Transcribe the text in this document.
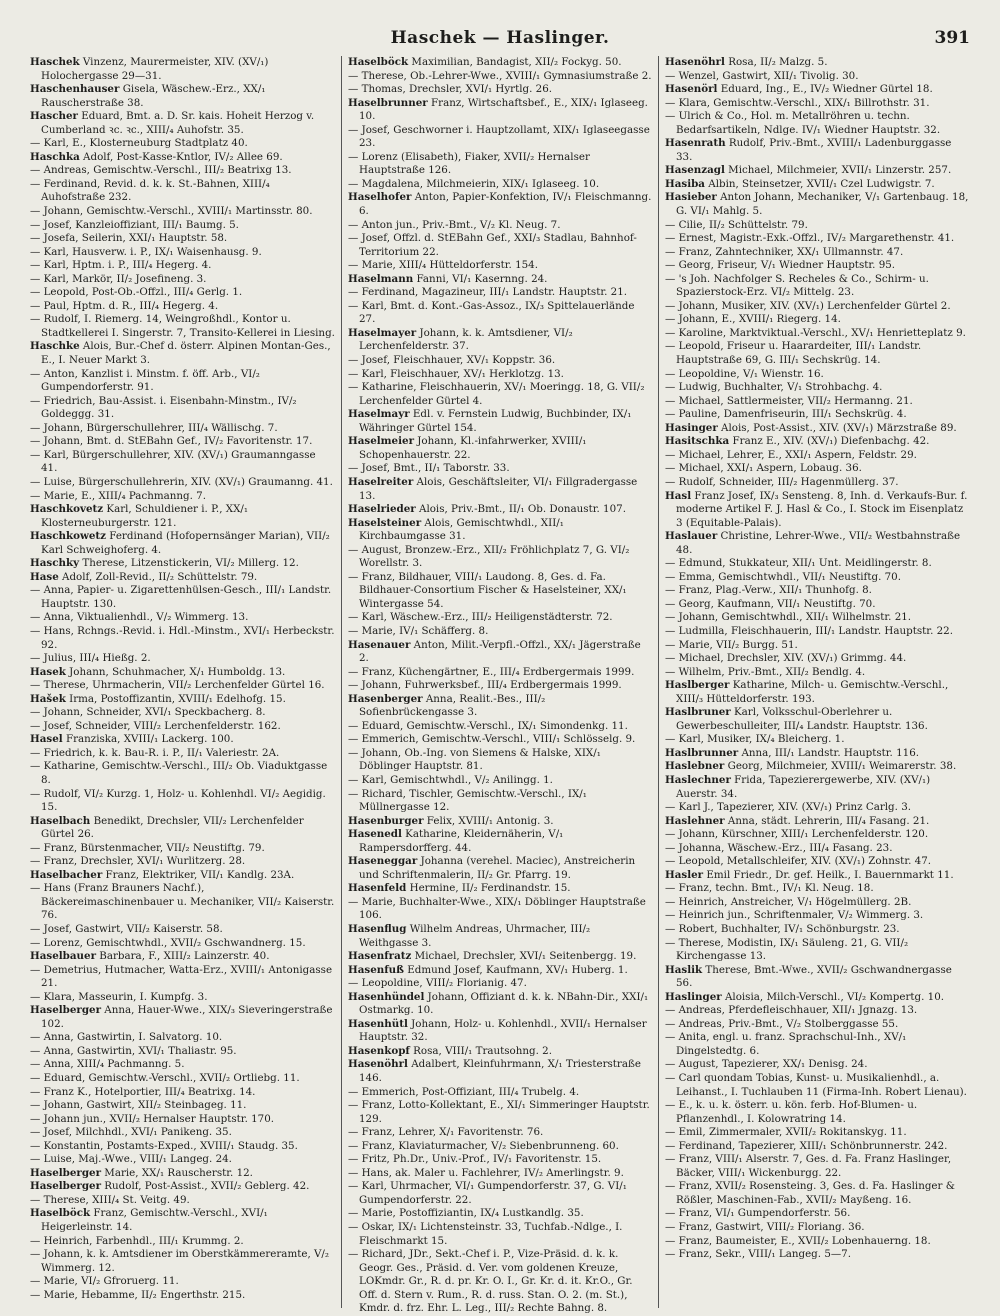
Haschek — Haslinger.	391
Haschek Vinzenz, Maurermeister, XIV. (XV/₁) Holochergasse 29—31.
Haschenhauser Gisela, Wäschew.-Erz., XX/₁ Rauscherstraße 38.
Hascher Eduard, Bmt. a. D. Sr. kais. Hoheit Herzog v. Cumberland ꝛc. ꝛc., XIII/₄ Auhofstr. 35.
— Karl, E., Klosterneuburg Stadtplatz 40.
Haschka Adolf, Post-Kasse-Kntlor, IV/₂ Allee 69.
— Andreas, Gemischtw.-Verschl., III/₂ Beatrixg 13.
— Ferdinand, Revid. d. k. k. St.-Bahnen, XIII/₄ Auhofstraße 232.
— Johann, Gemischtw.-Verschl., XVIII/₁ Martinsstr. 80.
— Josef, Kanzleioffiziant, III/₁ Baumg. 5.
— Josefa, Seilerin, XXI/₁ Hauptstr. 58.
— Karl, Hausverw. i. P., IX/₁ Waisenhausg. 9.
— Karl, Hptm. i. P., III/₄ Hegerg. 4.
— Karl, Markör, II/₂ Josefineng. 3.
— Leopold, Post-Ob.-Offzl., III/₄ Gerlg. 1.
— Paul, Hptm. d. R., III/₄ Hegerg. 4.
— Rudolf, I. Riemerg. 14, Weingroßhdl., Kontor u. Stadtkellerei I. Singerstr. 7, Transito-Kellerei in Liesing.
Haschke Alois, Bur.-Chef d. österr. Alpinen Montan-Ges., E., I. Neuer Markt 3.
— Anton, Kanzlist i. Minstm. f. öff. Arb., VI/₂ Gumpendorferstr. 91.
— Friedrich, Bau-Assist. i. Eisenbahn-Minstm., IV/₂ Goldeggg. 31.
— Johann, Bürgerschullehrer, III/₄ Wällischg. 7.
— Johann, Bmt. d. StEBahn Gef., IV/₂ Favoritenstr. 17.
— Karl, Bürgerschullehrer, XIV. (XV/₁) Graumanngasse 41.
— Luise, Bürgerschullehrerin, XIV. (XV/₁) Graumanng. 41.
— Marie, E., XIII/₄ Pachmanng. 7.
Haschkovetz Karl, Schuldiener i. P., XX/₁ Klosterneuburgerstr. 121.
Haschkowetz Ferdinand (Hofopernsänger Marian), VII/₂ Karl Schweighoferg. 4.
Haschky Therese, Litzenstickerin, VI/₂ Millerg. 12.
Hase Adolf, Zoll-Revid., II/₂ Schüttelstr. 79.
— Anna, Papier- u. Zigarettenhülsen-Gesch., III/₁ Landstr. Hauptstr. 130.
— Anna, Viktualienhdl., V/₂ Wimmerg. 13.
— Hans, Rchngs.-Revid. i. Hdl.-Minstm., XVI/₁ Herbeckstr. 92.
— Julius, III/₄ Hießg. 2.
Hasek Johann, Schuhmacher, X/₁ Humboldg. 13.
— Therese, Uhrmacherin, VII/₂ Lerchenfelder Gürtel 16.
Hašek Irma, Postoffizantin, XVIII/₁ Edelhofg. 15.
— Johann, Schneider, XVI/₁ Speckbacherg. 8.
— Josef, Schneider, VIII/₂ Lerchenfelderstr. 162.
Hasel Franziska, XVIII/₁ Lackerg. 100.
— Friedrich, k. k. Bau-R. i. P., II/₁ Valeriestr. 2A.
— Katharine, Gemischtw.-Verschl., III/₂ Ob. Viaduktgasse 8.
— Rudolf, VI/₂ Kurzg. 1, Holz- u. Kohlenhdl. VI/₂ Aegidig. 15.
Haselbach Benedikt, Drechsler, VII/₂ Lerchenfelder Gürtel 26.
— Franz, Bürstenmacher, VII/₂ Neustiftg. 79.
— Franz, Drechsler, XVI/₁ Wurlitzerg. 28.
Haselbacher Franz, Elektriker, VII/₁ Kandlg. 23A.
— Hans (Franz Brauners Nachf.), Bäckereimaschinenbauer u. Mechaniker, VII/₂ Kaiserstr. 76.
— Josef, Gastwirt, VII/₂ Kaiserstr. 58.
— Lorenz, Gemischtwhdl., XVII/₂ Gschwandnerg. 15.
Haselbauer Barbara, F., XIII/₂ Lainzerstr. 40.
— Demetrius, Hutmacher, Watta-Erz., XVIII/₁ Antonigasse 21.
— Klara, Masseurin, I. Kumpfg. 3.
Haselberger Anna, Hauer-Wwe., XIX/₃ Sieveringerstraße 102.
— Anna, Gastwirtin, I. Salvatorg. 10.
— Anna, Gastwirtin, XVI/₁ Thaliastr. 95.
— Anna, XIII/₄ Pachmanng. 5.
— Eduard, Gemischtw.-Verschl., XVII/₂ Ortliebg. 11.
— Franz K., Hotelportier, III/₄ Beatrixg. 14.
— Johann, Gastwirt, XII/₂ Steinbageg. 11.
— Johann jun., XVII/₂ Hernalser Hauptstr. 170.
— Josef, Milchhdl., XVI/₁ Panikeng. 35.
— Konstantin, Postamts-Exped., XVIII/₁ Staudg. 35.
— Luise, Maj.-Wwe., VIII/₁ Langeg. 24.
Haselberger Marie, XX/₁ Rauscherstr. 12.
Haselberger Rudolf, Post-Assist., XVII/₂ Geblerg. 42.
— Therese, XIII/₄ St. Veitg. 49.
Haselböck Franz, Gemischtw.-Verschl., XVI/₁ Heigerleinstr. 14.
— Heinrich, Farbenhdl., III/₁ Krummg. 2.
— Johann, k. k. Amtsdiener im Oberstkämmereramte, V/₂ Wimmerg. 12.
— Marie, VI/₂ Gfroruerg. 11.
— Marie, Hebamme, II/₂ Engerthstr. 215.
Haselböck Maximilian, Bandagist, XII/₂ Fockyg. 50.
— Therese, Ob.-Lehrer-Wwe., XVIII/₁ Gymnasiumstraße 2.
— Thomas, Drechsler, XVI/₁ Hyrtlg. 26.
Haselbrunner Franz, Wirtschaftsbef., E., XIX/₁ Iglaseeg. 10.
— Josef, Geschworner i. Hauptzollamt, XIX/₁ Iglaseegasse 23.
— Lorenz (Elisabeth), Fiaker, XVII/₂ Hernalser Hauptstraße 126.
— Magdalena, Milchmeierin, XIX/₁ Iglaseeg. 10.
Haselhofer Anton, Papier-Konfektion, IV/₁ Fleischmanng. 6.
— Anton jun., Priv.-Bmt., V/₂ Kl. Neug. 7.
— Josef, Offzl. d. StEBahn Gef., XXI/₃ Stadlau, Bahnhof-Territorium 22.
— Marie, XIII/₄ Hütteldorferstr. 154.
Haselmann Fanni, VI/₁ Kasernng. 24.
— Ferdinand, Magazineur, III/₁ Landstr. Hauptstr. 21.
— Karl, Bmt. d. Kont.-Gas-Assoz., IX/₃ Spittelauerlände 27.
Haselmayer Johann, k. k. Amtsdiener, VI/₂ Lerchenfelderstr. 37.
— Josef, Fleischhauer, XV/₁ Koppstr. 36.
— Karl, Fleischhauer, XV/₁ Herklotzg. 13.
— Katharine, Fleischhauerin, XV/₁ Moeringg. 18, G. VII/₂ Lerchenfelder Gürtel 4.
Haselmayr Edl. v. Fernstein Ludwig, Buchbinder, IX/₁ Währinger Gürtel 154.
Haselmeier Johann, Kl.-infahrwerker, XVIII/₁ Schopenhauerstr. 22.
— Josef, Bmt., II/₁ Taborstr. 33.
Haselreiter Alois, Geschäftsleiter, VI/₁ Fillgradergasse 13.
Haselrieder Alois, Priv.-Bmt., II/₁ Ob. Donaustr. 107.
Haselsteiner Alois, Gemischtwhdl., XII/₁ Kirchbaumgasse 31.
— August, Bronzew.-Erz., XII/₂ Fröhlichplatz 7, G. VI/₂ Worellstr. 3.
— Franz, Bildhauer, VIII/₁ Laudong. 8, Ges. d. Fa. Bildhauer-Consortium Fischer & Haselsteiner, XX/₁ Wintergasse 54.
— Karl, Wäschew.-Erz., III/₂ Heiligenstädterstr. 72.
— Marie, IV/₁ Schäfferg. 8.
Hasenauer Anton, Milit.-Verpfl.-Offzl., XX/₁ Jägerstraße 2.
— Franz, Küchengärtner, E., III/₄ Erdbergermais 1999.
— Johann, Fuhrwerksbef., III/₄ Erdbergermais 1999.
Hasenberger Anna, Realit.-Bes., III/₂ Sofienbrückengasse 3.
— Eduard, Gemischtw.-Verschl., IX/₁ Simondenkg. 11.
— Emmerich, Gemischtw.-Verschl., VIII/₁ Schlösselg. 9.
— Johann, Ob.-Ing. von Siemens & Halske, XIX/₁ Döblinger Hauptstr. 81.
— Karl, Gemischtwhdl., V/₂ Anilingg. 1.
— Richard, Tischler, Gemischtw.-Verschl., IX/₁ Müllnergasse 12.
Hasenburger Felix, XVIII/₁ Antonig. 3.
Hasenedl Katharine, Kleidernäherin, V/₁ Rampersdorfferg. 44.
Haseneggar Johanna (verehel. Maciec), Anstreicherin und Schriftenmalerin, II/₂ Gr. Pfarrg. 19.
Hasenfeld Hermine, II/₂ Ferdinandstr. 15.
— Marie, Buchhalter-Wwe., XIX/₁ Döblinger Hauptstraße 106.
Hasenflug Wilhelm Andreas, Uhrmacher, III/₂ Weithgasse 3.
Hasenfratz Michael, Drechsler, XVI/₁ Seitenbergg. 19.
Hasenfuß Edmund Josef, Kaufmann, XV/₁ Huberg. 1.
— Leopoldine, VIII/₂ Florianig. 47.
Hasenhündel Johann, Offiziant d. k. k. NBahn-Dir., XXI/₁ Ostmarkg. 10.
Hasenhütl Johann, Holz- u. Kohlenhdl., XVII/₁ Hernalser Hauptstr. 32.
Hasenkopf Rosa, VIII/₁ Trautsohng. 2.
Hasenöhrl Adalbert, Kleinfuhrmann, X/₁ Triesterstraße 146.
— Emmerich, Post-Offiziant, III/₄ Trubelg. 4.
— Franz, Lotto-Kollektant, E., XI/₁ Simmeringer Hauptstr. 129.
— Franz, Lehrer, X/₁ Favoritenstr. 76.
— Franz, Klaviaturmacher, V/₂ Siebenbrunneng. 60.
— Fritz, Ph.Dr., Univ.-Prof., IV/₁ Favoritenstr. 15.
— Hans, ak. Maler u. Fachlehrer, IV/₂ Amerlingstr. 9.
— Karl, Uhrmacher, VI/₁ Gumpendorferstr. 37, G. VI/₁ Gumpendorferstr. 22.
— Marie, Postoffiziantin, IX/₄ Lustkandlg. 35.
— Oskar, IX/₁ Lichtensteinstr. 33, Tuchfab.-Ndlge., I. Fleischmarkt 15.
— Richard, JDr., Sekt.-Chef i. P., Vize-Präsid. d. k. k. Geogr. Ges., Präsid. d. Ver. vom goldenen Kreuze, LOKmdr. Gr., R. d. pr. Kr. O. I., Gr. Kr. d. it. Kr.O., Gr. Off. d. Stern v. Rum., R. d. russ. Stan. O. 2. (m. St.), Kmdr. d. frz. Ehr. L. Leg., III/₂ Rechte Bahng. 8.
Hasenöhrl Rosa, II/₂ Malzg. 5.
— Wenzel, Gastwirt, XII/₁ Tivolig. 30.
Hasenörl Eduard, Ing., E., IV/₂ Wiedner Gürtel 18.
— Klara, Gemischtw.-Verschl., XIX/₁ Billrothstr. 31.
— Ulrich & Co., Hol. m. Metallröhren u. techn. Bedarfsartikeln, Ndlge. IV/₁ Wiedner Hauptstr. 32.
Hasenrath Rudolf, Priv.-Bmt., XVIII/₁ Ladenburggasse 33.
Hasenzagl Michael, Milchmeier, XVII/₁ Linzerstr. 257.
Hasiba Albin, Steinsetzer, XVII/₁ Czel Ludwigstr. 7.
Hasieber Anton Johann, Mechaniker, V/₁ Gartenbaug. 18, G. VI/₁ Mahlg. 5.
— Cilie, II/₂ Schüttelstr. 79.
— Ernest, Magistr.-Exk.-Offzl., IV/₂ Margarethenstr. 41.
— Franz, Zahntechniker, XX/₁ Ullmannstr. 47.
— Georg, Friseur, V/₁ Wiedner Hauptstr. 95.
— 's Joh. Nachfolger S. Recheles & Co., Schirm- u. Spazierstock-Erz. VI/₂ Mittelg. 23.
— Johann, Musiker, XIV. (XV/₁) Lerchenfelder Gürtel 2.
— Johann, E., XVIII/₁ Riegerg. 14.
— Karoline, Marktviktual.-Verschl., XV/₁ Henrietteplatz 9.
— Leopold, Friseur u. Haarardeiter, III/₁ Landstr. Hauptstraße 69, G. III/₁ Sechskrüg. 14.
— Leopoldine, V/₁ Wienstr. 16.
— Ludwig, Buchhalter, V/₁ Strohbachg. 4.
— Michael, Sattlermeister, VII/₂ Hermanng. 21.
— Pauline, Damenfriseurin, III/₁ Sechskrüg. 4.
Hasinger Alois, Post-Assist., XIV. (XV/₁) Märzstraße 89.
Hasitschka Franz E., XIV. (XV/₁) Diefenbachg. 42.
— Michael, Lehrer, E., XXI/₁ Aspern, Feldstr. 29.
— Michael, XXI/₁ Aspern, Lobaug. 36.
— Rudolf, Schneider, III/₂ Hagenmüllerg. 37.
Hasl Franz Josef, IX/₃ Sensteng. 8, Inh. d. Verkaufs-Bur. f. moderne Artikel F. J. Hasl & Co., I. Stock im Eisenplatz 3 (Equitable-Palais).
Haslauer Christine, Lehrer-Wwe., VII/₂ Westbahnstraße 48.
— Edmund, Stukkateur, XII/₁ Unt. Meidlingerstr. 8.
— Emma, Gemischtwhdl., VII/₁ Neustiftg. 70.
— Franz, Plag.-Verw., XII/₁ Thunhofg. 8.
— Georg, Kaufmann, VII/₁ Neustiftg. 70.
— Johann, Gemischtwhdl., XII/₁ Wilhelmstr. 21.
— Ludmilla, Fleischhauerin, III/₁ Landstr. Hauptstr. 22.
— Marie, VII/₂ Burgg. 51.
— Michael, Drechsler, XIV. (XV/₁) Grimmg. 44.
— Wilhelm, Priv.-Bmt., XII/₂ Bendlg. 4.
Haslberger Katharine, Milch- u. Gemischtw.-Verschl., XIII/₃ Hütteldorferstr. 193.
Haslbruner Karl, Volksschul-Oberlehrer u. Gewerbeschulleiter, III/₄ Landstr. Hauptstr. 136.
— Karl, Musiker, IX/₄ Bleicherg. 1.
Haslbrunner Anna, III/₁ Landstr. Hauptstr. 116.
Haslebner Georg, Milchmeier, XVIII/₁ Weimarerstr. 38.
Haslechner Frida, Tapezierergewerbe, XIV. (XV/₁) Auerstr. 34.
— Karl J., Tapezierer, XIV. (XV/₁) Prinz Carlg. 3.
Haslehner Anna, städt. Lehrerin, III/₄ Fasang. 21.
— Johann, Kürschner, XIII/₁ Lerchenfelderstr. 120.
— Johanna, Wäschew.-Erz., III/₄ Fasang. 23.
— Leopold, Metallschleifer, XIV. (XV/₁) Zohnstr. 47.
Hasler Emil Friedr., Dr. gef. Heilk., I. Bauernmarkt 11.
— Franz, techn. Bmt., IV/₁ Kl. Neug. 18.
— Heinrich, Anstreicher, V/₁ Högelmüllerg. 2B.
— Heinrich jun., Schriftenmaler, V/₂ Wimmerg. 3.
— Robert, Buchhalter, IV/₁ Schönburgstr. 23.
— Therese, Modistin, IX/₁ Säuleng. 21, G. VII/₂ Kirchengasse 13.
Haslik Therese, Bmt.-Wwe., XVII/₂ Gschwandnergasse 56.
Haslinger Aloisia, Milch-Verschl., VI/₂ Kompertg. 10.
— Andreas, Pferdefleischhauer, XII/₁ Jgnazg. 13.
— Andreas, Priv.-Bmt., V/₂ Stolberggasse 55.
— Anita, engl. u. franz. Sprachschul-Inh., XV/₁ Dingelstedtg. 6.
— August, Tapezierer, XX/₁ Denisg. 24.
— Carl quondam Tobias, Kunst- u. Musikalienhdl., a. Leihanst., I. Tuchlauben 11 (Firma-Inh. Robert Lienau).
— E., k. u. k. österr. u. kön. ferb. Hof-Blumen- u. Pflanzenhdl., I. Kolowratring 14.
— Emil, Zimmermaler, XVII/₂ Rokitanskyg. 11.
— Ferdinand, Tapezierer, XIII/₁ Schönbrunnerstr. 242.
— Franz, VIII/₁ Alserstr. 7, Ges. d. Fa. Franz Haslinger, Bäcker, VIII/₁ Wickenburgg. 22.
— Franz, XVII/₂ Rosensteing. 3, Ges. d. Fa. Haslinger & Rößler, Maschinen-Fab., XVII/₂ Mayßeng. 16.
— Franz, VI/₁ Gumpendorferstr. 56.
— Franz, Gastwirt, VIII/₂ Floriang. 36.
— Franz, Baumeister, E., XVII/₂ Lobenhauerng. 18.
— Franz, Sekr., VIII/₁ Langeg. 5—7.
